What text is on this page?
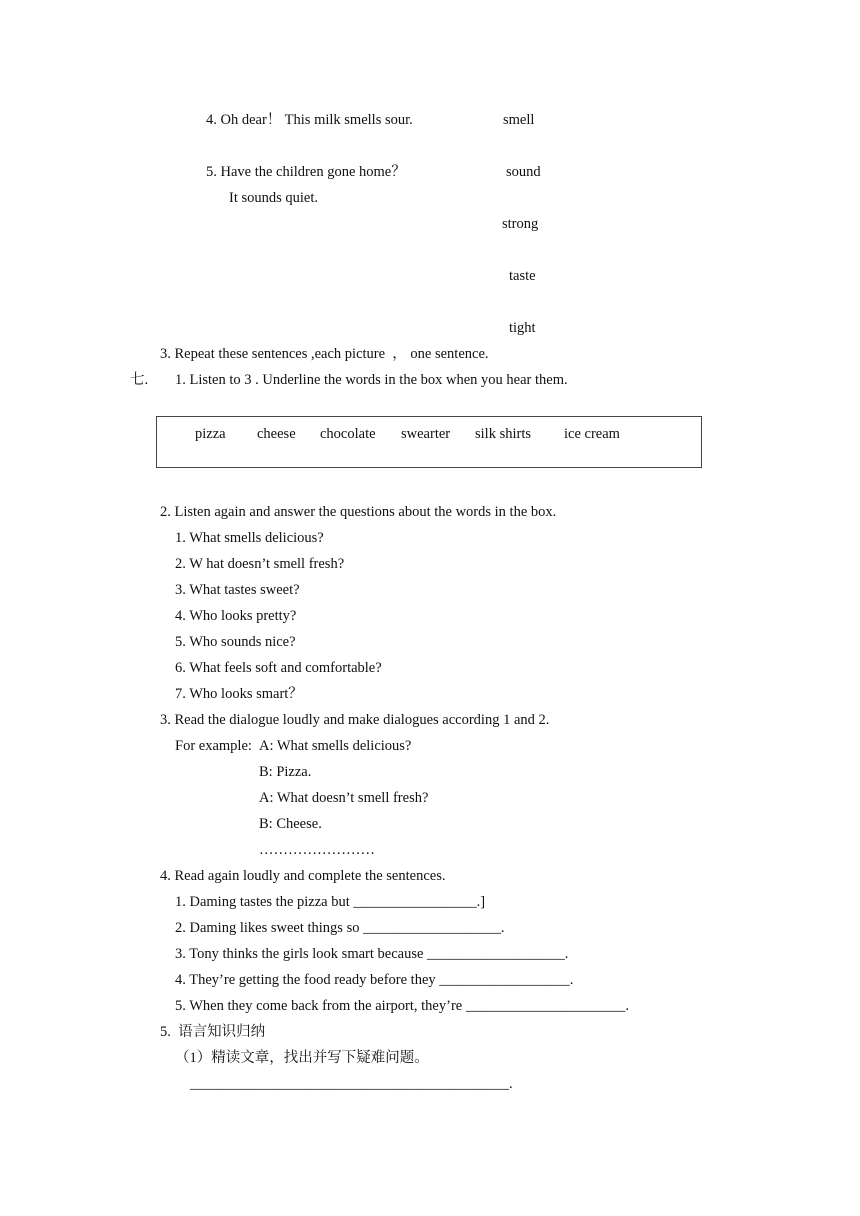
4. Oh dear！ This milk smells sour.
5. Have the children gone home？
It sounds quiet.
smell
sound
strong
taste
tight
3. Repeat these sentences ,each picture  ， one sentence.
七. 1. Listen to 3 . Underline the words in the box when you hear them.
pizza cheese chocolate swearter silk shirts ice cream
2. Listen again and answer the questions about the words in the box.
1. What smells delicious?
2. W hat doesn’t smell fresh?
3. What tastes sweet?
4. Who looks pretty?
5. Who sounds nice?
6. What feels soft and comfortable?
7. Who looks smart？
3. Read the dialogue loudly and make dialogues according 1 and 2.
For example: A: What smells delicious?
B: Pizza.
A: What doesn’t smell fresh?
B: Cheese.
……………………
4. Read again loudly and complete the sentences.
1. Daming tastes the pizza but _________________.]
2. Daming likes sweet things so ___________________.
3. Tony thinks the girls look smart because ___________________.
4. They’re getting the food ready before they __________________.
5. When they come back from the airport, they’re ______________________.
5.  语言知识归纳
（1）精读文章，找出并写下疑难问题。
____________________________________________.
